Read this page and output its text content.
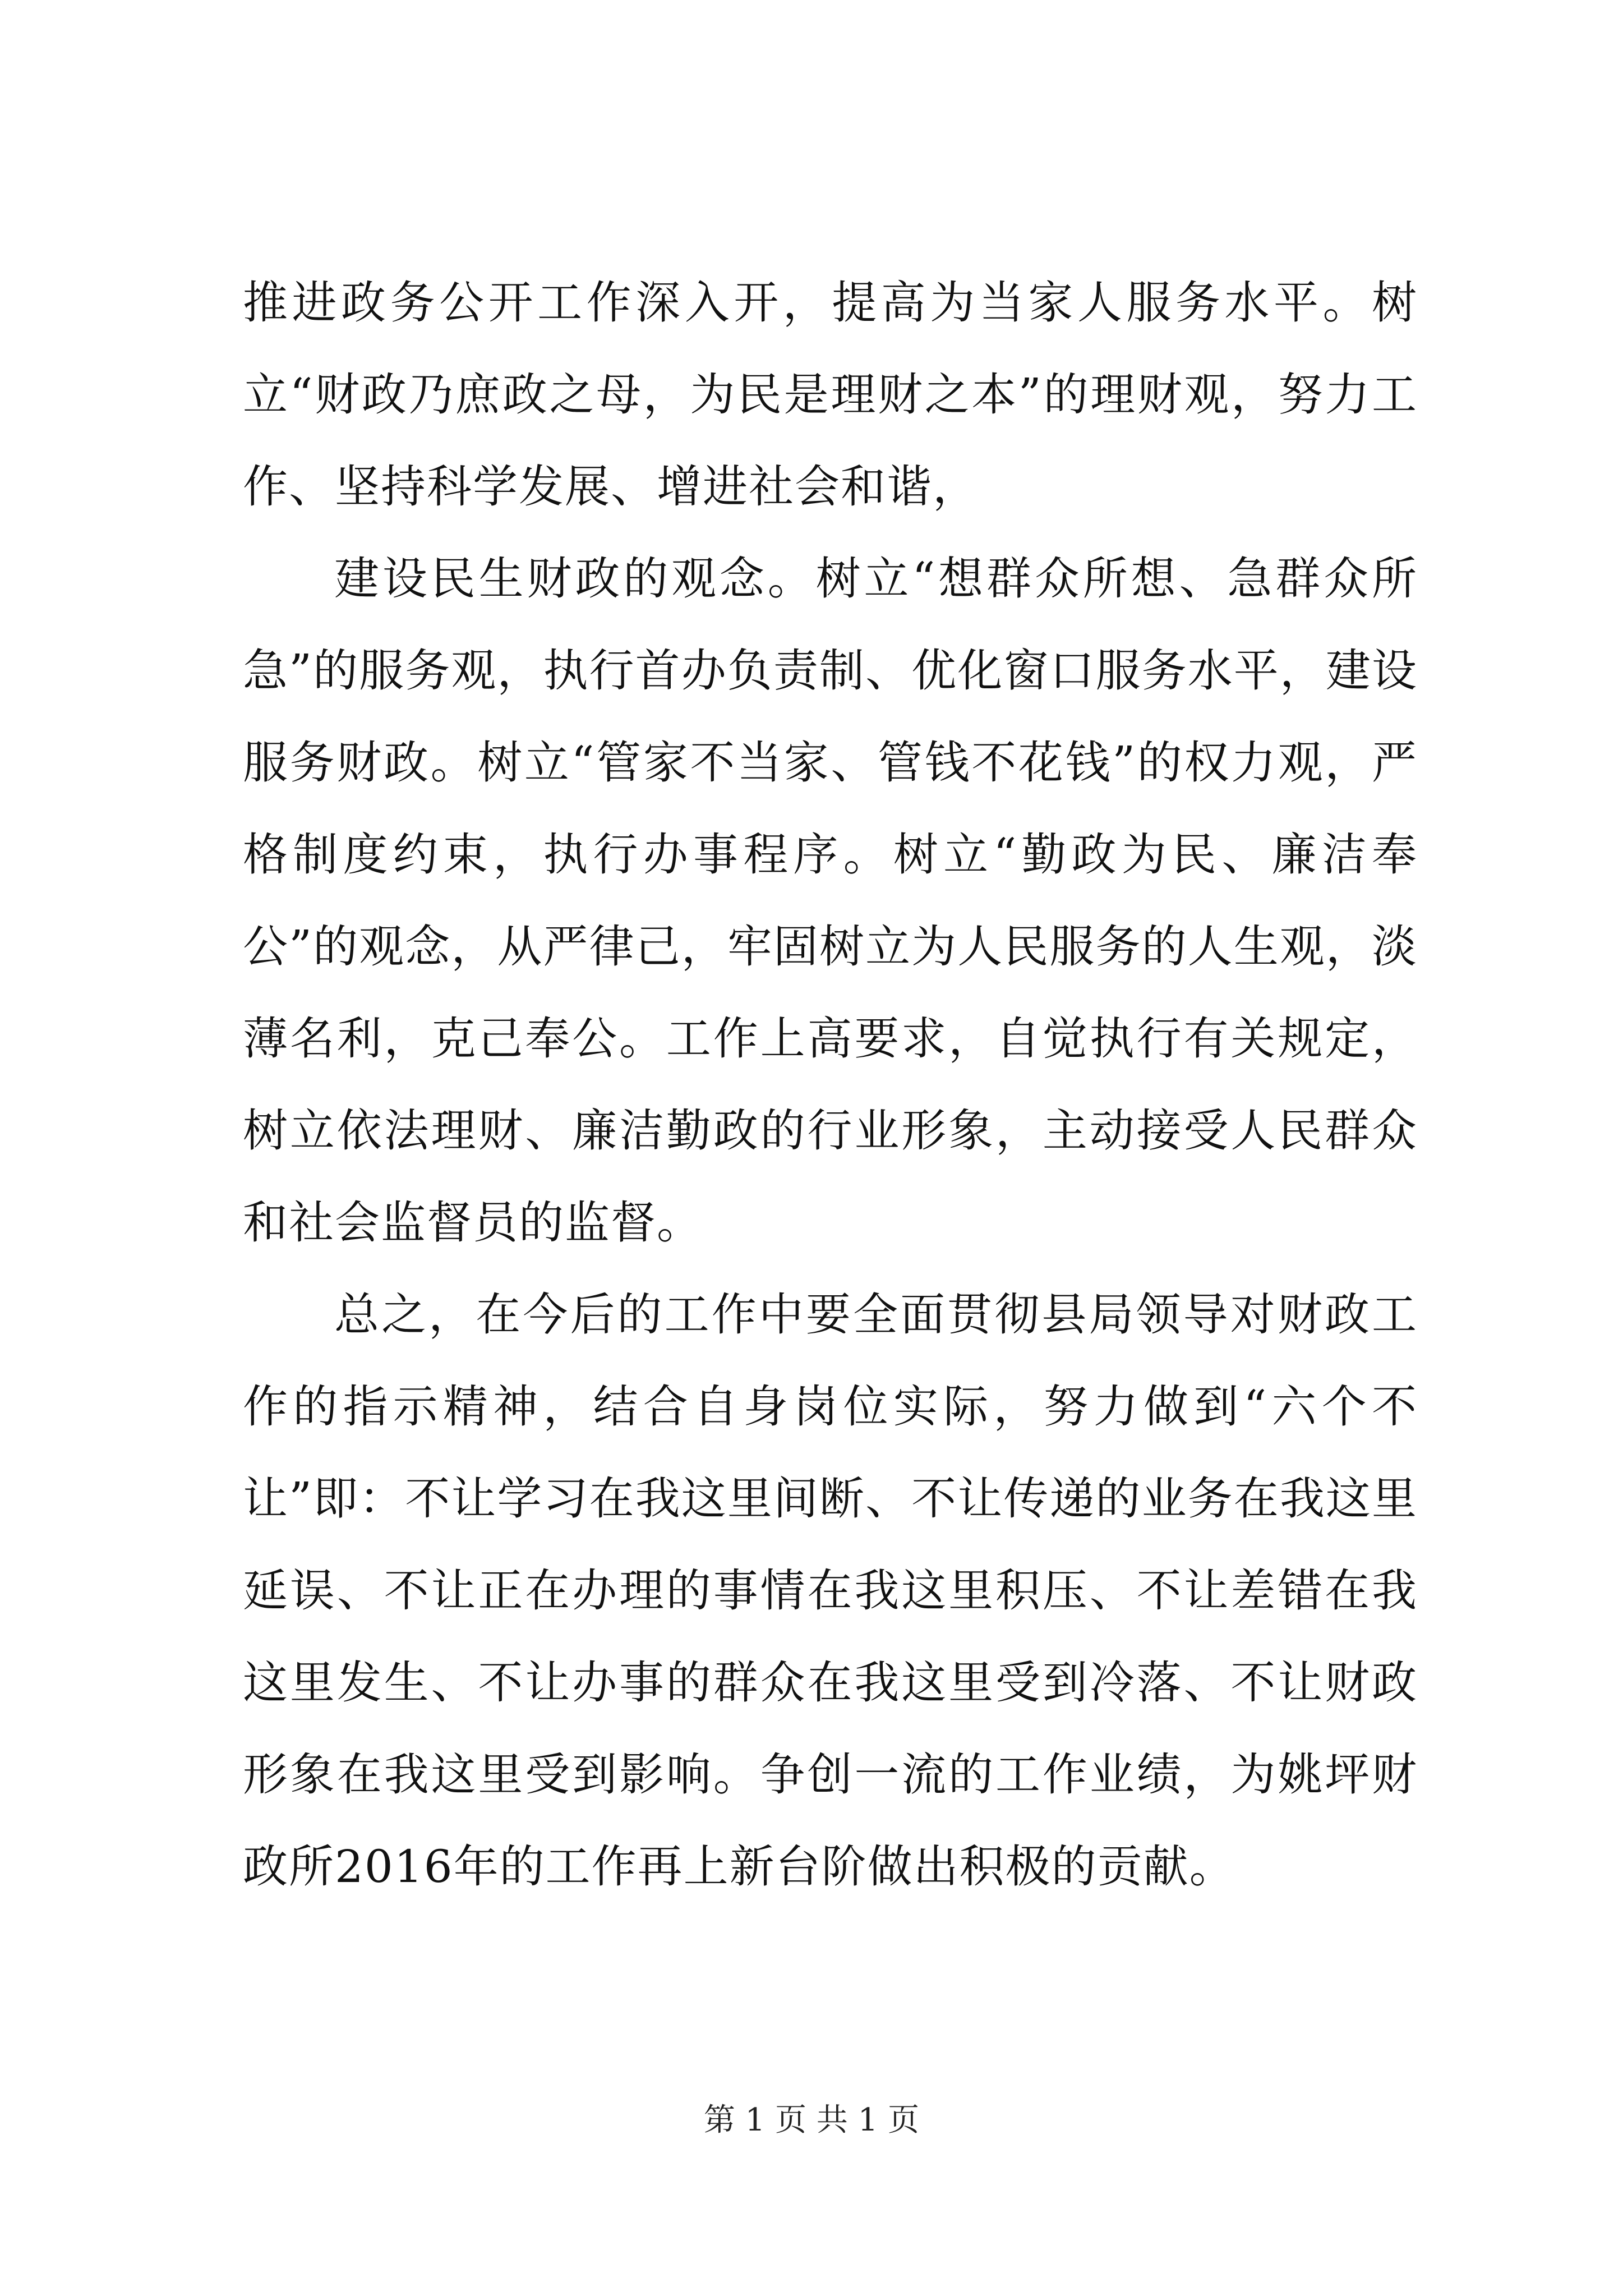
推进政务公开工作深入开，提高为当家人服务水平。树立“财政乃庶政之母，为民是理财之本”的理财观，努力工作、坚持科学发展、增进社会和谐，

建设民生财政的观念。树立“想群众所想、急群众所急”的服务观，执行首办负责制、优化窗口服务水平，建设服务财政。树立“管家不当家、管钱不花钱”的权力观，严格制度约束，执行办事程序。树立“勤政为民、廉洁奉公”的观念，从严律己，牢固树立为人民服务的人生观，淡薄名利，克己奉公。工作上高要求，自觉执行有关规定，树立依法理财、廉洁勤政的行业形象，主动接受人民群众和社会监督员的监督。

总之，在今后的工作中要全面贯彻县局领导对财政工作的指示精神，结合自身岗位实际，努力做到“六个不让”即：不让学习在我这里间断、不让传递的业务在我这里延误、不让正在办理的事情在我这里积压、不让差错在我这里发生、不让办事的群众在我这里受到冷落、不让财政形象在我这里受到影响。争创一流的工作业绩，为姚坪财政所2016年的工作再上新台阶做出积极的贡献。

第 1 页 共 1 页
